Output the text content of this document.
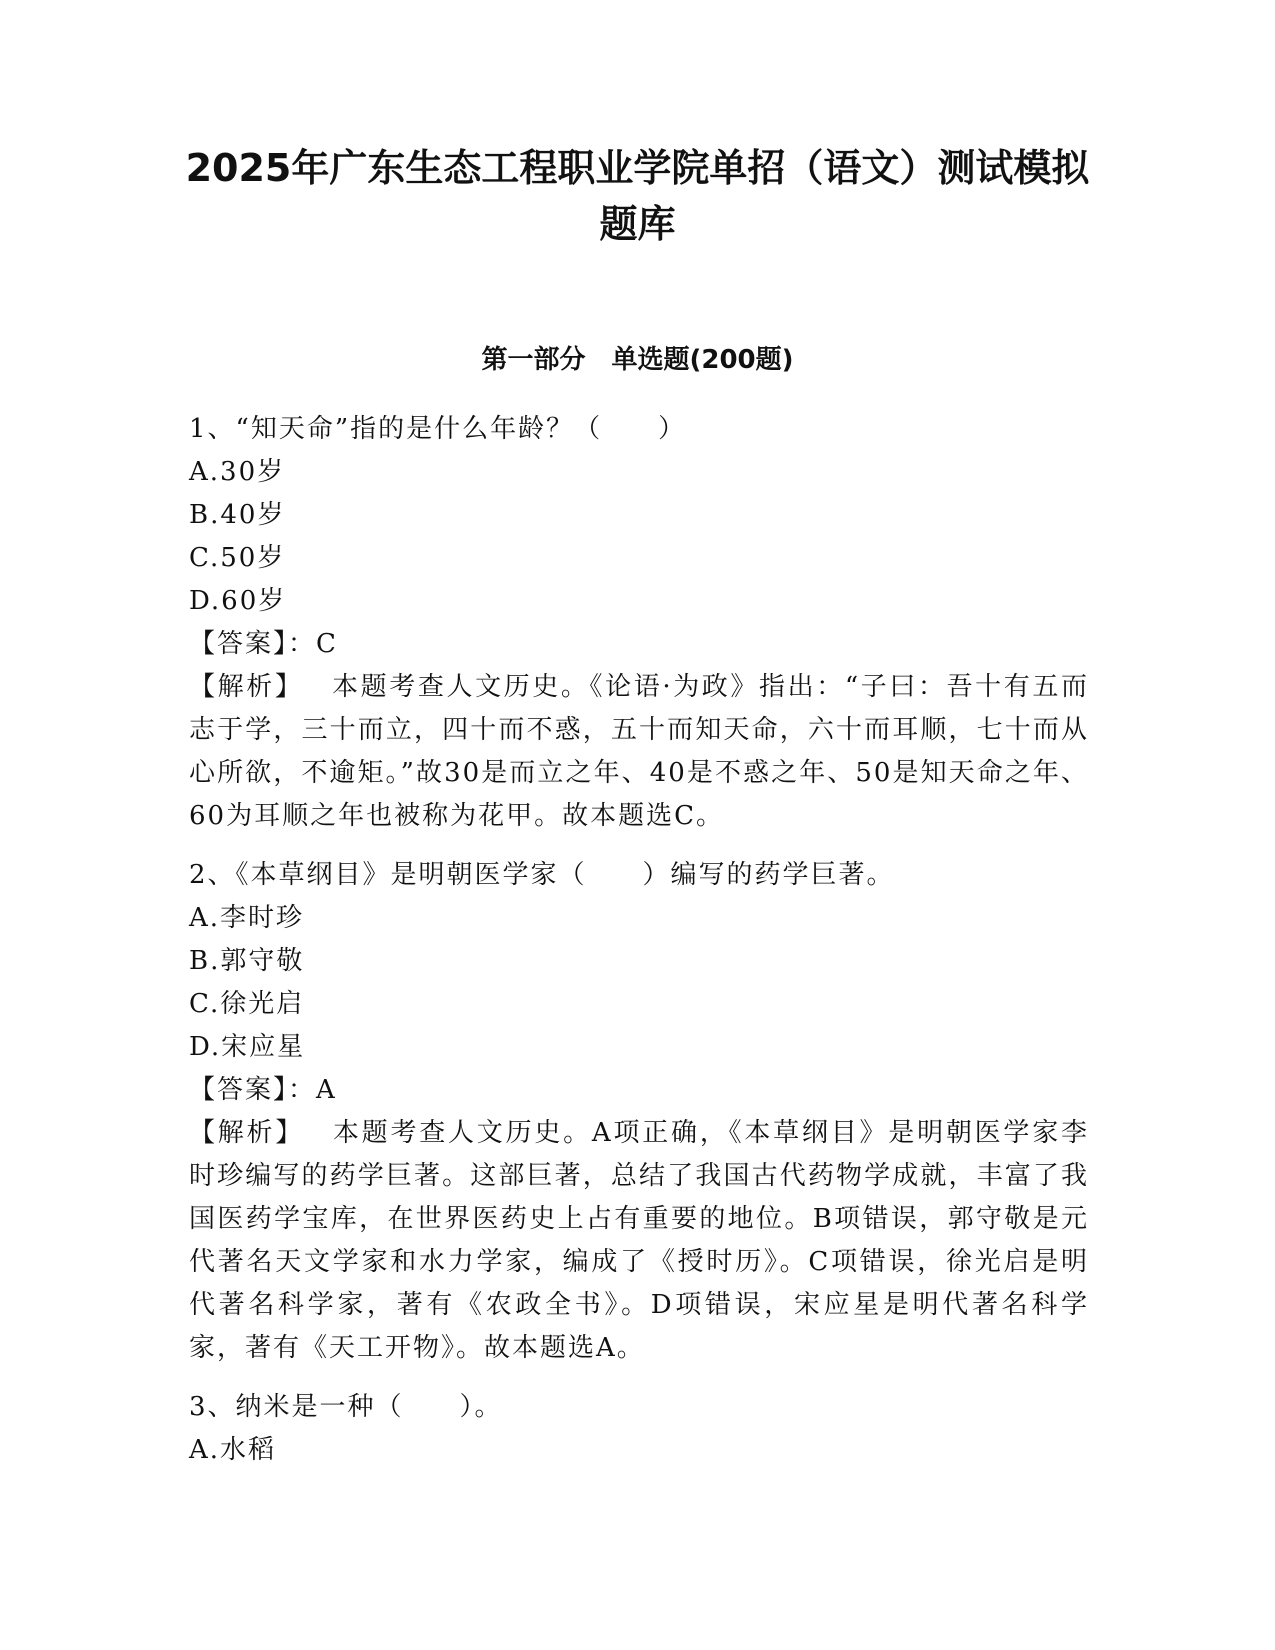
2025年广东生态工程职业学院单招（语文）测试模拟
题库
第一部分　单选题(200题)
1、“知天命”指的是什么年龄？（　　）
A.30岁
B.40岁
C.50岁
D.60岁
【答案】：C
【解析】 本题考查人文历史。《论语·为政》指出：“子曰：吾十有五而志于学，三十而立，四十而不惑，五十而知天命，六十而耳顺，七十而从心所欲，不逾矩。”故30是而立之年、40是不惑之年、50是知天命之年、60为耳顺之年也被称为花甲。故本题选C。
2、《本草纲目》是明朝医学家（　　）编写的药学巨著。
A.李时珍
B.郭守敬
C.徐光启
D.宋应星
【答案】：A
【解析】 本题考查人文历史。A项正确，《本草纲目》是明朝医学家李时珍编写的药学巨著。这部巨著，总结了我国古代药物学成就，丰富了我国医药学宝库，在世界医药史上占有重要的地位。B项错误，郭守敬是元代著名天文学家和水力学家，编成了《授时历》。C项错误，徐光启是明代著名科学家，著有《农政全书》。D项错误，宋应星是明代著名科学家，著有《天工开物》。故本题选A。
3、纳米是一种（　　）。
A.水稻
